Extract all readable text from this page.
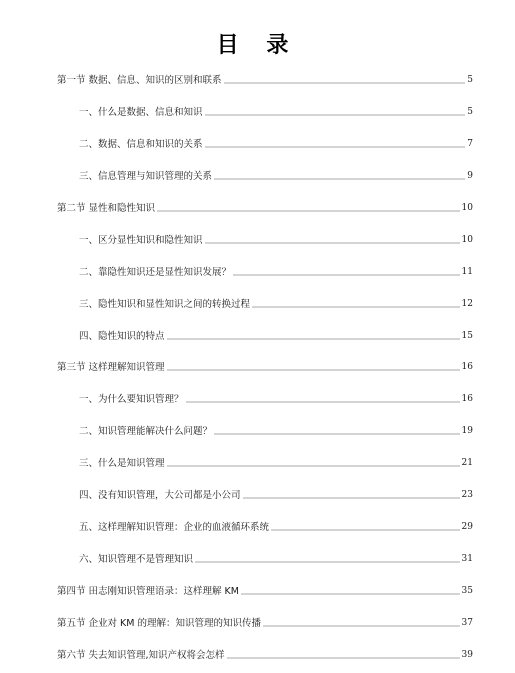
目 录
第一节 数据、信息、知识的区别和联系	5
一、什么是数据、信息和知识	5
二、数据、信息和知识的关系	7
三、信息管理与知识管理的关系	9
第二节 显性和隐性知识	10
一、区分显性知识和隐性知识	10
二、靠隐性知识还是显性知识发展？	11
三、隐性知识和显性知识之间的转换过程	12
四、隐性知识的特点	15
第三节 这样理解知识管理	16
一、为什么要知识管理？	16
二、知识管理能解决什么问题？	19
三、什么是知识管理	21
四、没有知识管理，大公司都是小公司	23
五、这样理解知识管理：企业的血液循环系统	29
六、知识管理不是管理知识	31
第四节 田志刚知识管理语录：这样理解 KM	35
第五节 企业对 KM 的理解：知识管理的知识传播	37
第六节 失去知识管理,知识产权将会怎样	39
